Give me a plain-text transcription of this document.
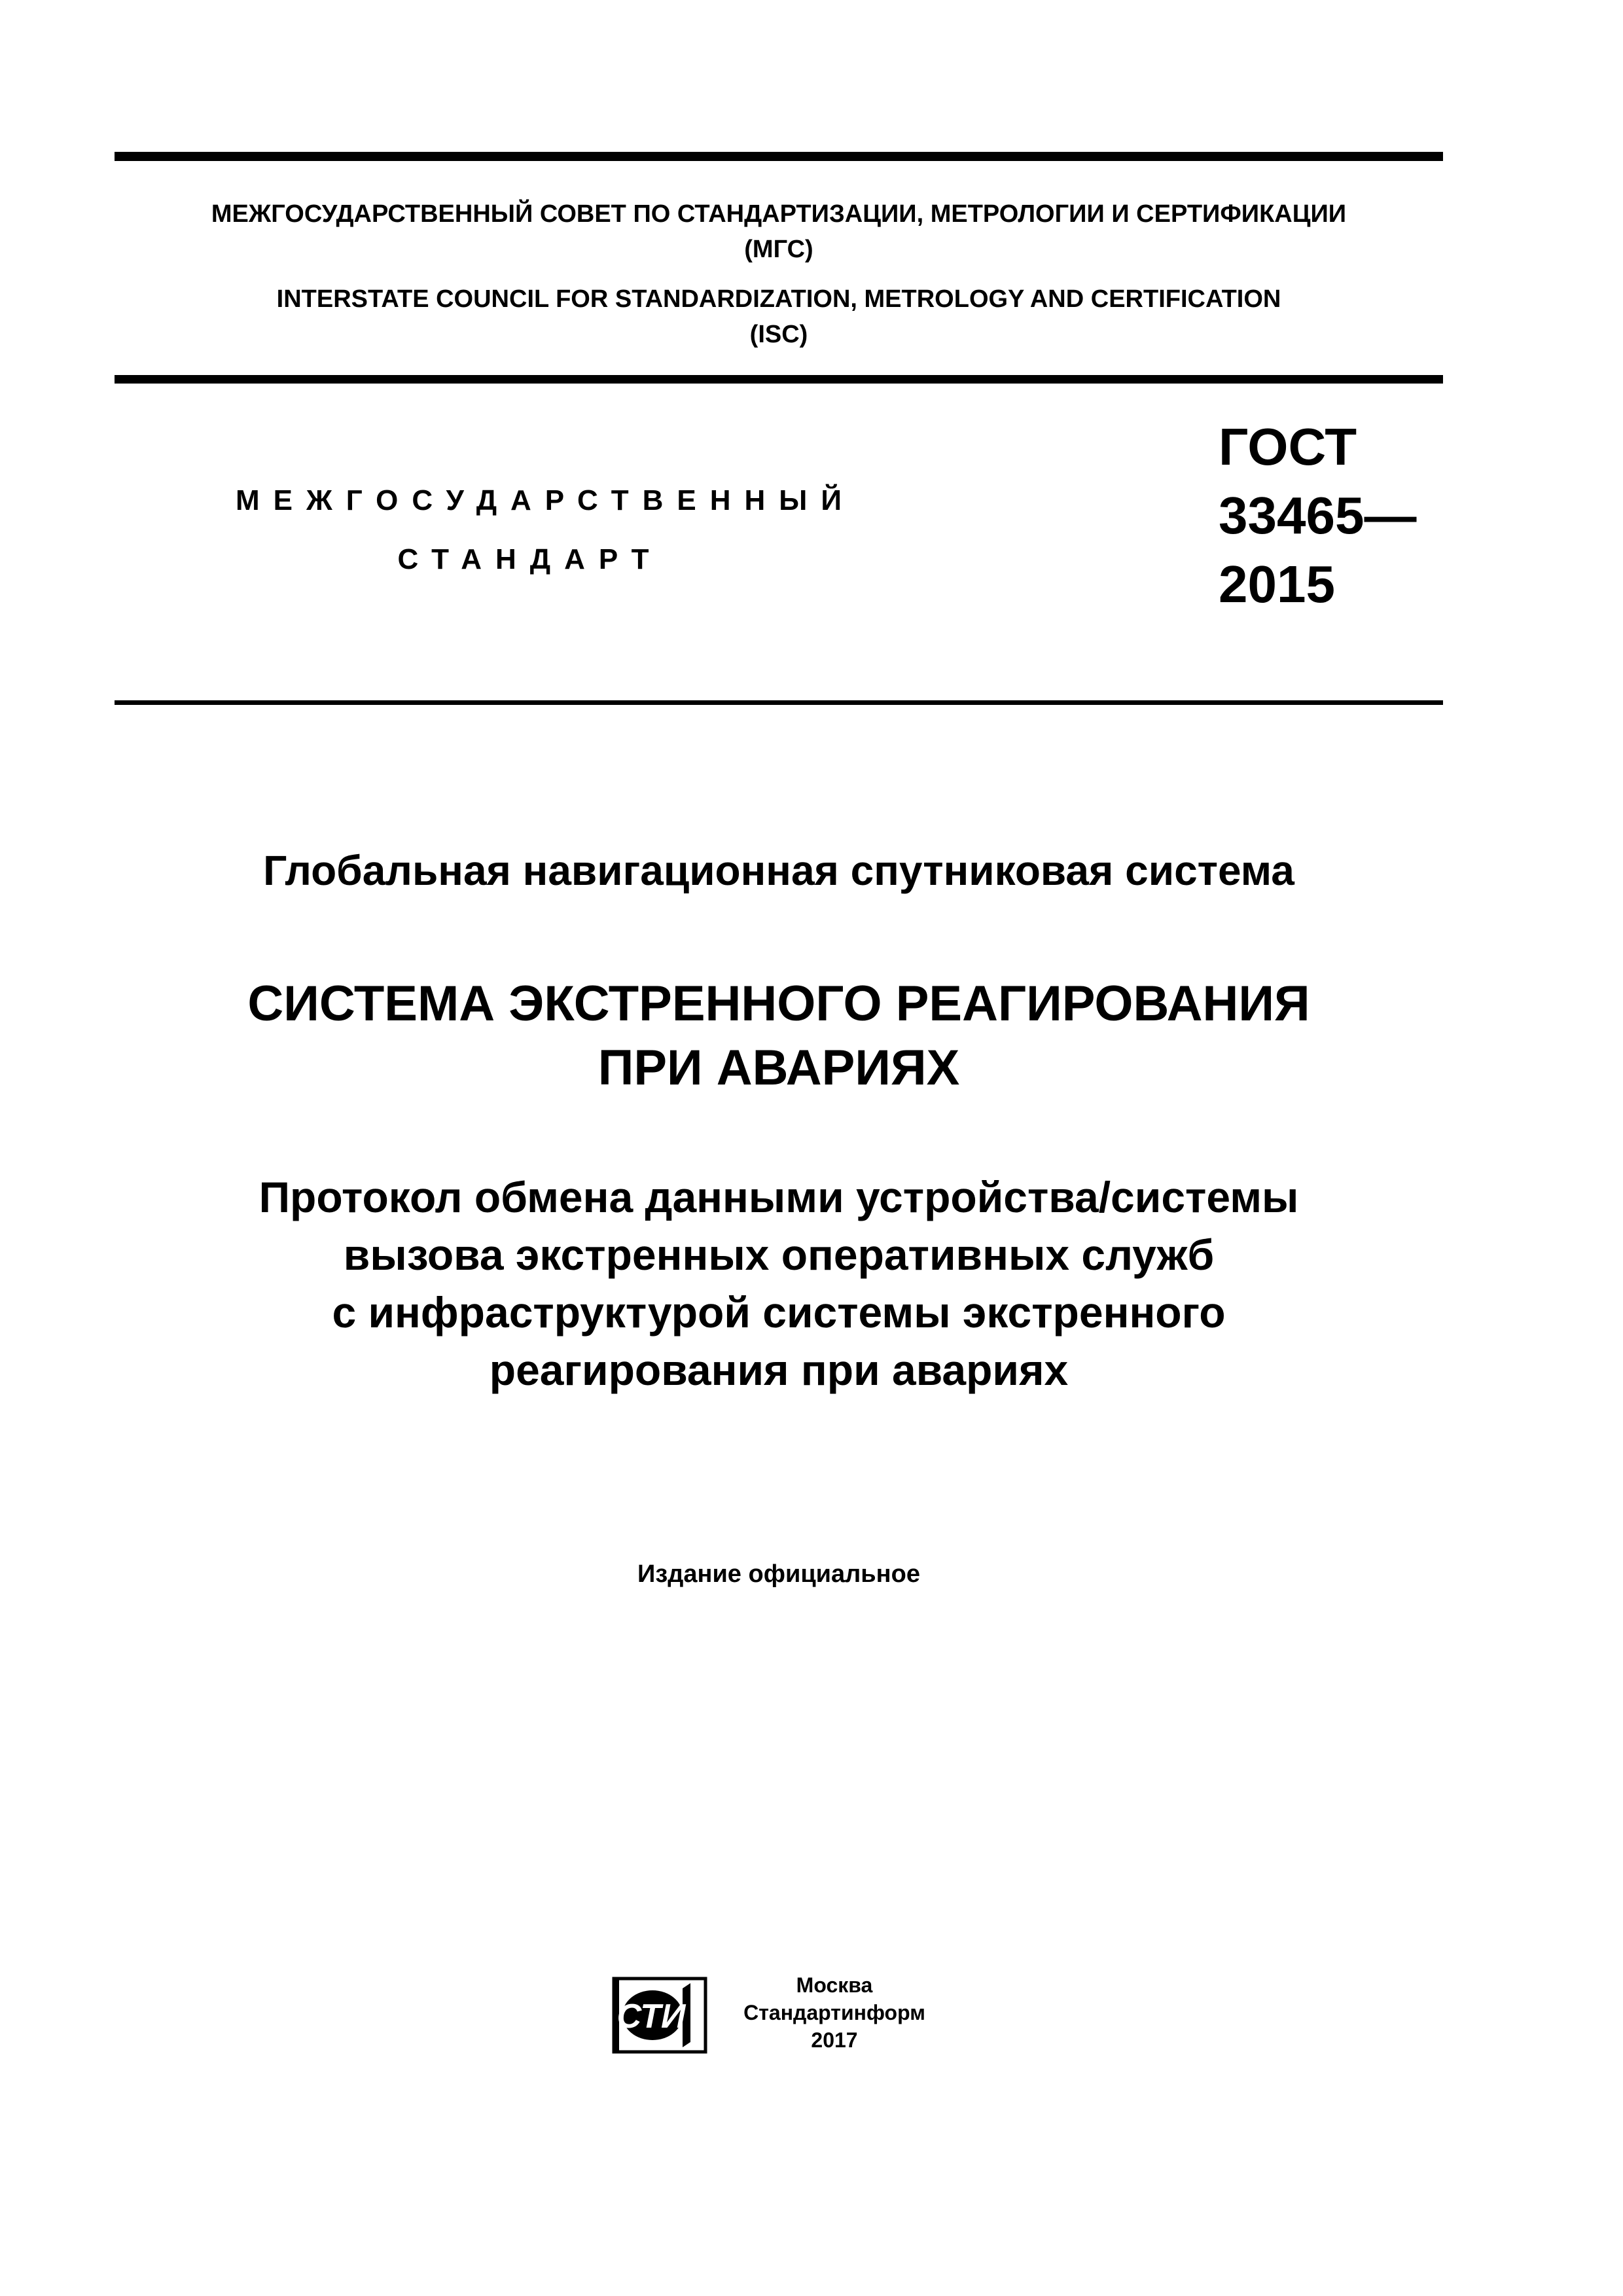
МЕЖГОСУДАРСТВЕННЫЙ СОВЕТ ПО СТАНДАРТИЗАЦИИ, МЕТРОЛОГИИ И СЕРТИФИКАЦИИ
(МГС)
INTERSTATE COUNCIL FOR STANDARDIZATION, METROLOGY AND CERTIFICATION
(ISC)
МЕЖГОСУДАРСТВЕННЫЙ
СТАНДАРТ
ГОСТ
33465—
2015
Глобальная навигационная спутниковая система
СИСТЕМА ЭКСТРЕННОГО РЕАГИРОВАНИЯ
ПРИ АВАРИЯХ
Протокол обмена данными устройства/системы
вызова экстренных оперативных служб
с инфраструктурой системы экстренного
реагирования при авариях
Издание официальное
СТИ
Москва
Стандартинформ
2017
